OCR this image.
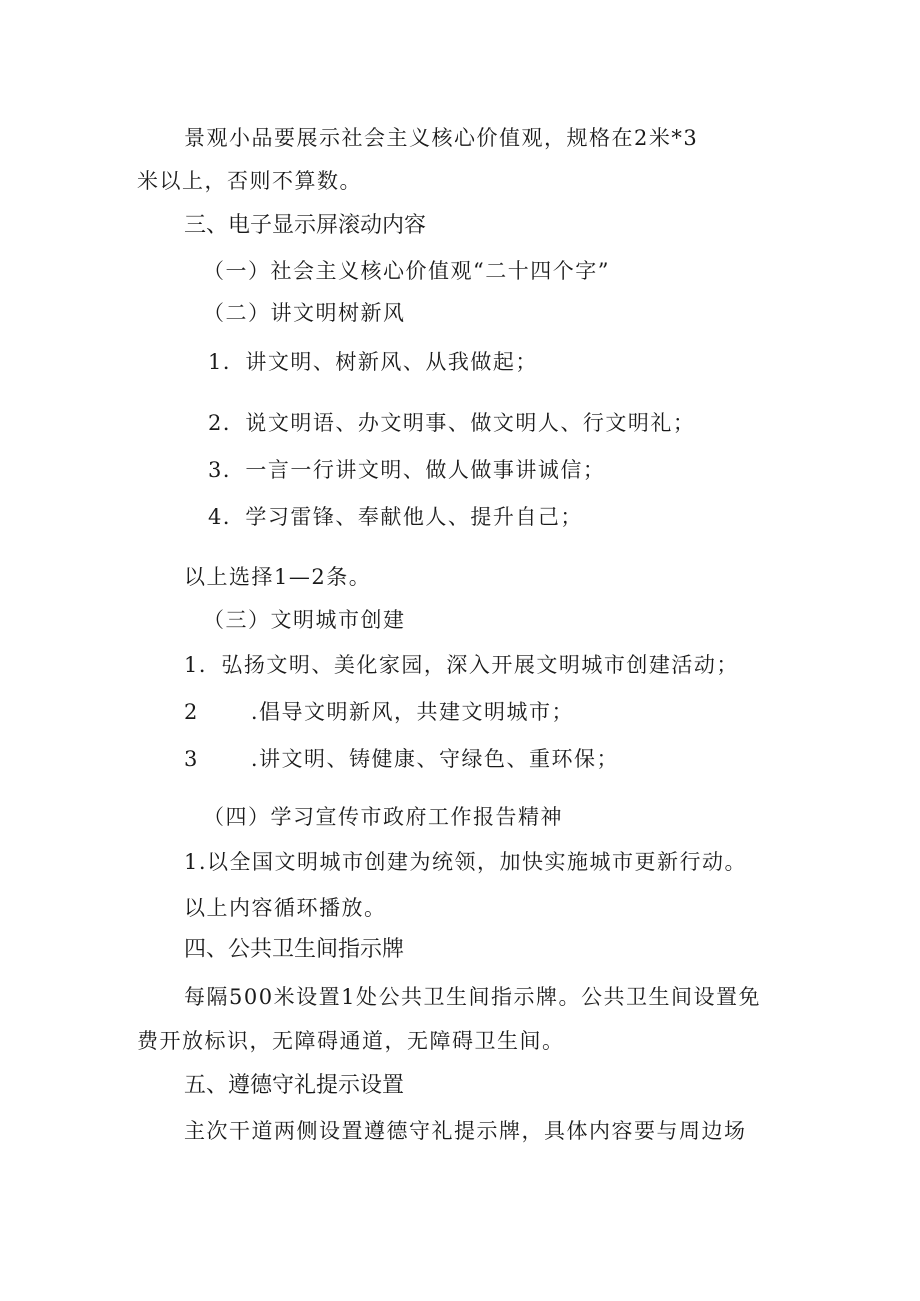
景观小品要展示社会主义核心价值观，规格在2米*3
米以上，否则不算数。
三、电子显示屏滚动内容
（一）社会主义核心价值观“二十四个字”
（二）讲文明树新风
1．讲文明、树新风、从我做起；
2．说文明语、办文明事、做文明人、行文明礼；
3．一言一行讲文明、做人做事讲诚信；
4．学习雷锋、奉献他人、提升自己；
以上选择1—2条。
（三）文明城市创建
1．弘扬文明、美化家园，深入开展文明城市创建活动；
2 .倡导文明新风，共建文明城市；
3 .讲文明、铸健康、守绿色、重环保；
（四）学习宣传市政府工作报告精神
1.以全国文明城市创建为统领，加快实施城市更新行动。
以上内容循环播放。
四、公共卫生间指示牌
每隔500米设置1处公共卫生间指示牌。公共卫生间设置免
费开放标识，无障碍通道，无障碍卫生间。
五、遵德守礼提示设置
主次干道两侧设置遵德守礼提示牌，具体内容要与周边场
